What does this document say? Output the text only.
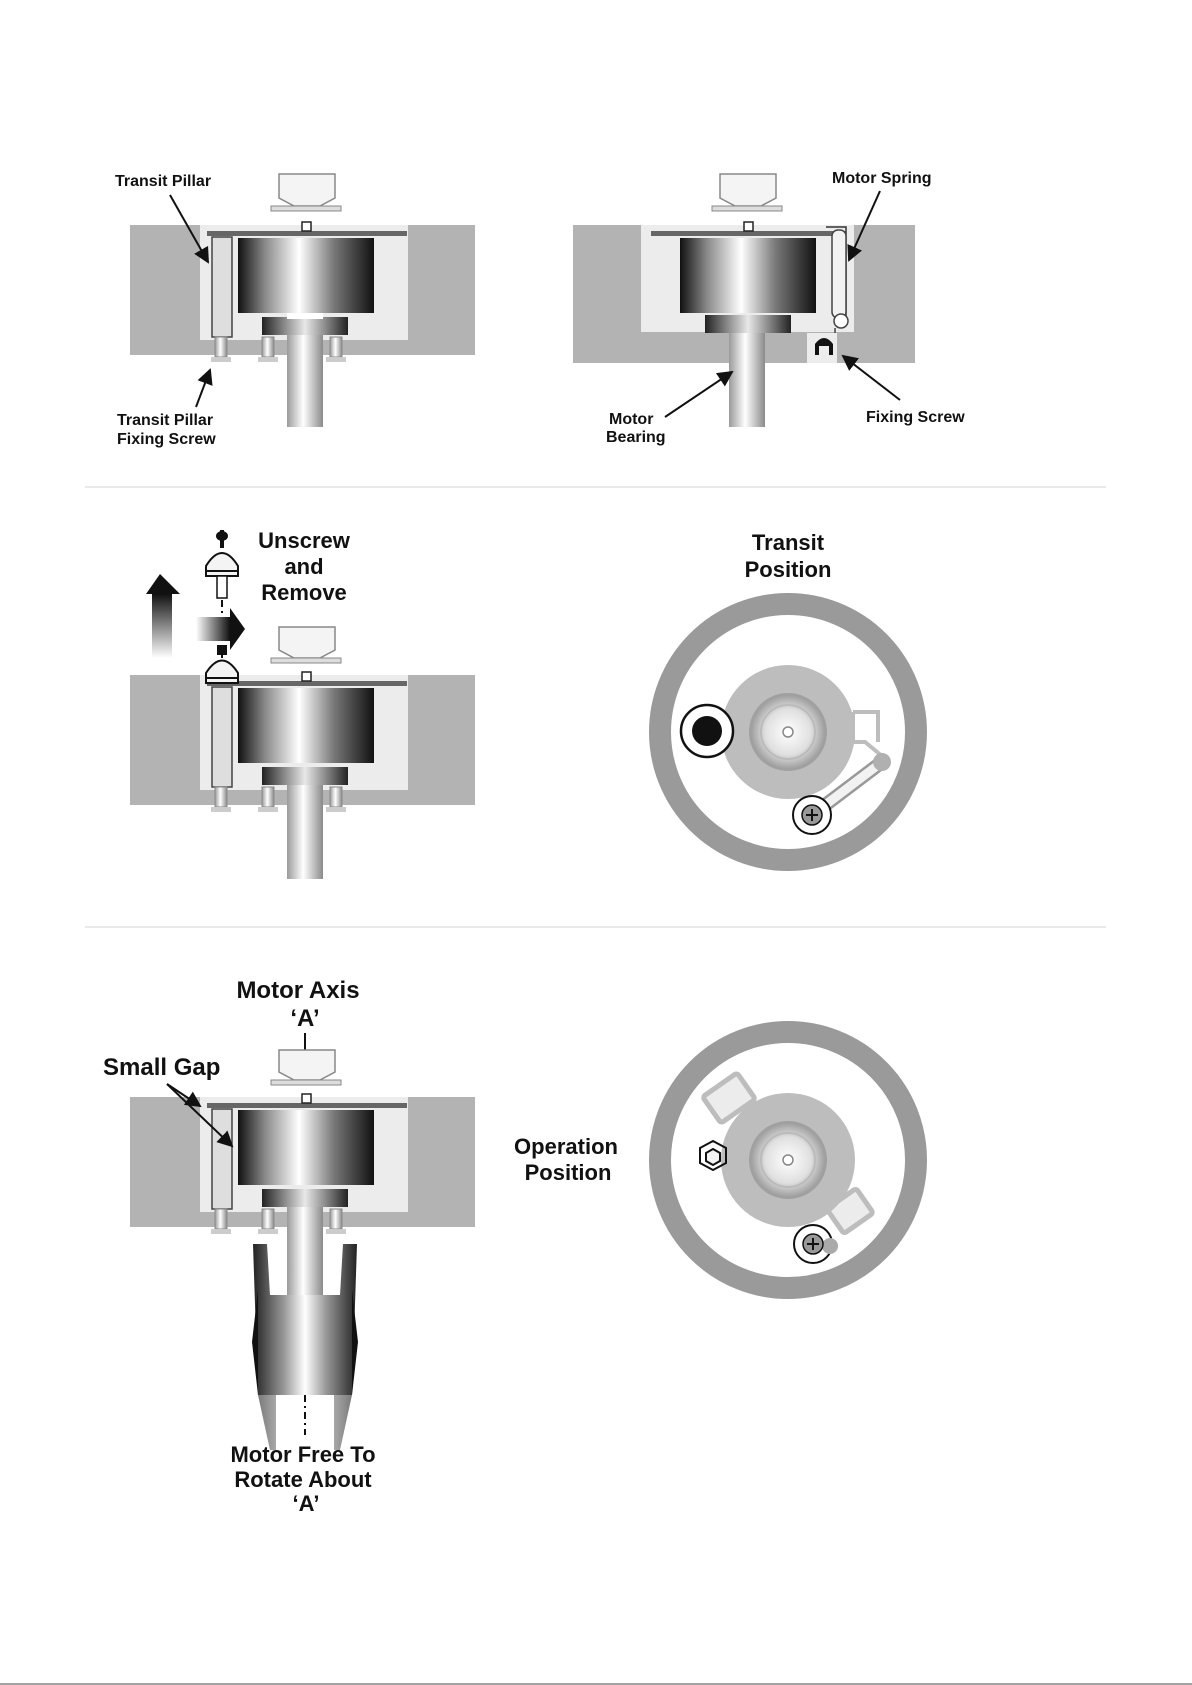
Transit Pillar
Transit Pillar
Fixing Screw
Motor Spring
Motor
Bearing
Fixing Screw
Unscrew
and
Remove
Transit
Position
Motor Axis
‘A’
Small Gap
Motor Free To
Rotate About
‘A’
Operation
Position
